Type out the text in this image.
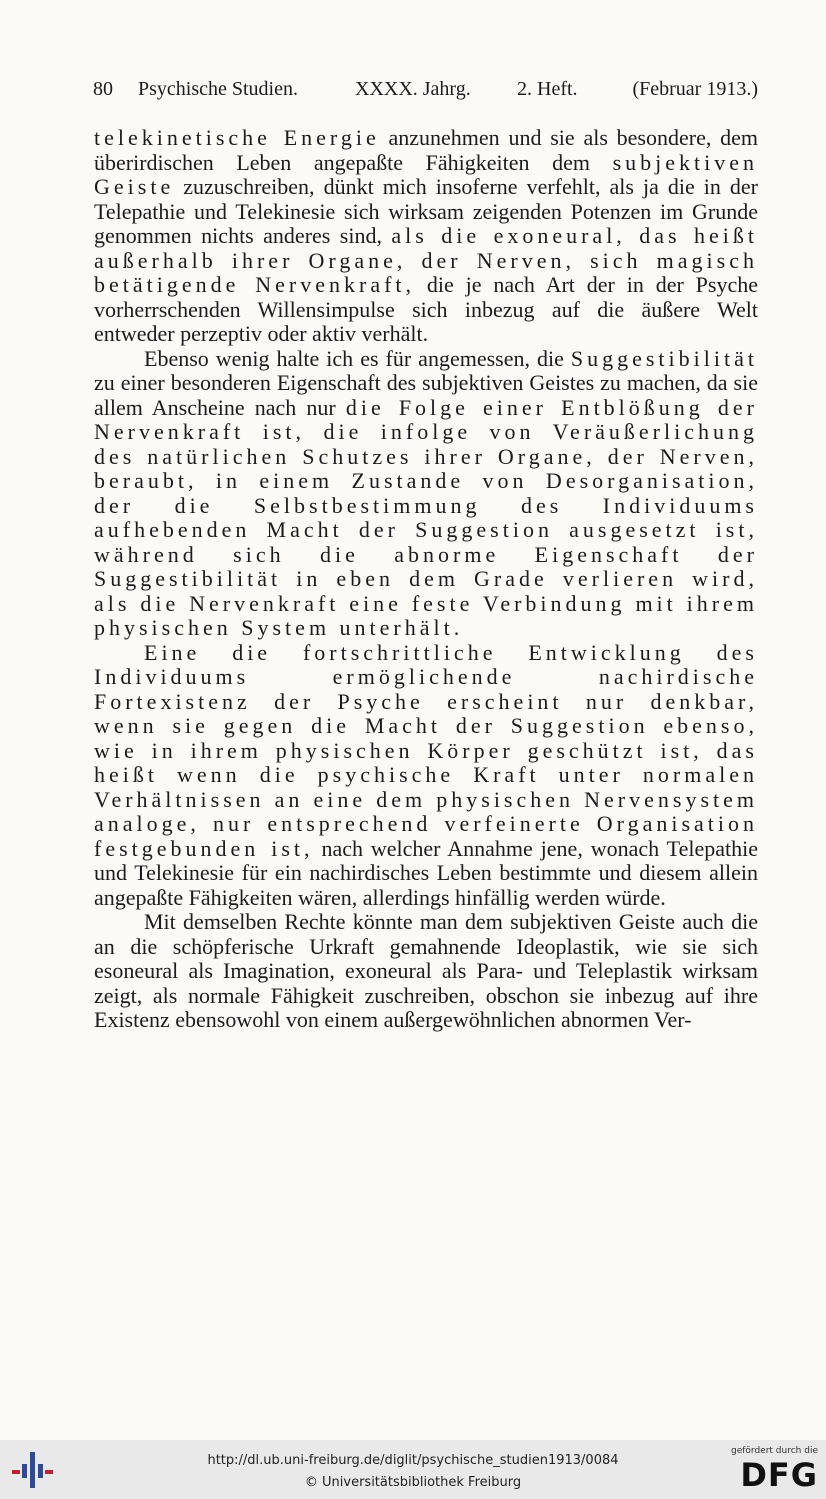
80 Psychische Studien.	XXXX. Jahrg. 2. Heft.	(Februar 1913.)

telekinetische Energie anzunehmen und sie als besondere, dem überirdischen Leben angepaßte Fähigkeiten dem subjektiven Geiste zuzuschreiben, dünkt mich insoferne verfehlt, als ja die in der Telepathie und Telekinesie sich wirksam zeigenden Potenzen im Grunde genommen nichts anderes sind, als die exoneural, das heißt außerhalb ihrer Organe, der Nerven, sich magisch betätigende Nervenkraft, die je nach Art der in der Psyche vorherrschenden Willensimpulse sich inbezug auf die äußere Welt entweder perzeptiv oder aktiv verhält.

Ebenso wenig halte ich es für angemessen, die Suggestibilität zu einer besonderen Eigenschaft des subjektiven Geistes zu machen, da sie allem Anscheine nach nur die Folge einer Entblößung der Nervenkraft ist, die infolge von Veräußerlichung des natürlichen Schutzes ihrer Organe, der Nerven, beraubt, in einem Zustande von Desorganisation, der die Selbstbestimmung des Individuums aufhebenden Macht der Suggestion ausgesetzt ist, während sich die abnorme Eigenschaft der Suggestibilität in eben dem Grade verlieren wird, als die Nervenkraft eine feste Verbindung mit ihrem physischen System unterhält.

Eine die fortschrittliche Entwicklung des Individuums ermöglichende nachirdische Fortexistenz der Psyche erscheint nur denkbar, wenn sie gegen die Macht der Suggestion ebenso, wie in ihrem physischen Körper geschützt ist, das heißt wenn die psychische Kraft unter normalen Verhältnissen an eine dem physischen Nervensystem analoge, nur entsprechend verfeinerte Organisation festgebunden ist, nach welcher Annahme jene, wonach Telepathie und Telekinesie für ein nachirdisches Leben bestimmte und diesem allein angepaßte Fähigkeiten wären, allerdings hinfällig werden würde.

Mit demselben Rechte könnte man dem subjektiven Geiste auch die an die schöpferische Urkraft gemahnende Ideoplastik, wie sie sich esoneural als Imagination, exoneural als Para- und Teleplastik wirksam zeigt, als normale Fähigkeit zuschreiben, obschon sie inbezug auf ihre Existenz ebensowohl von einem außergewöhnlichen abnormen Ver-

http://dl.ub.uni-freiburg.de/diglit/psychische_studien1913/0084
© Universitätsbibliothek Freiburg
gefördert durch die
DFG
